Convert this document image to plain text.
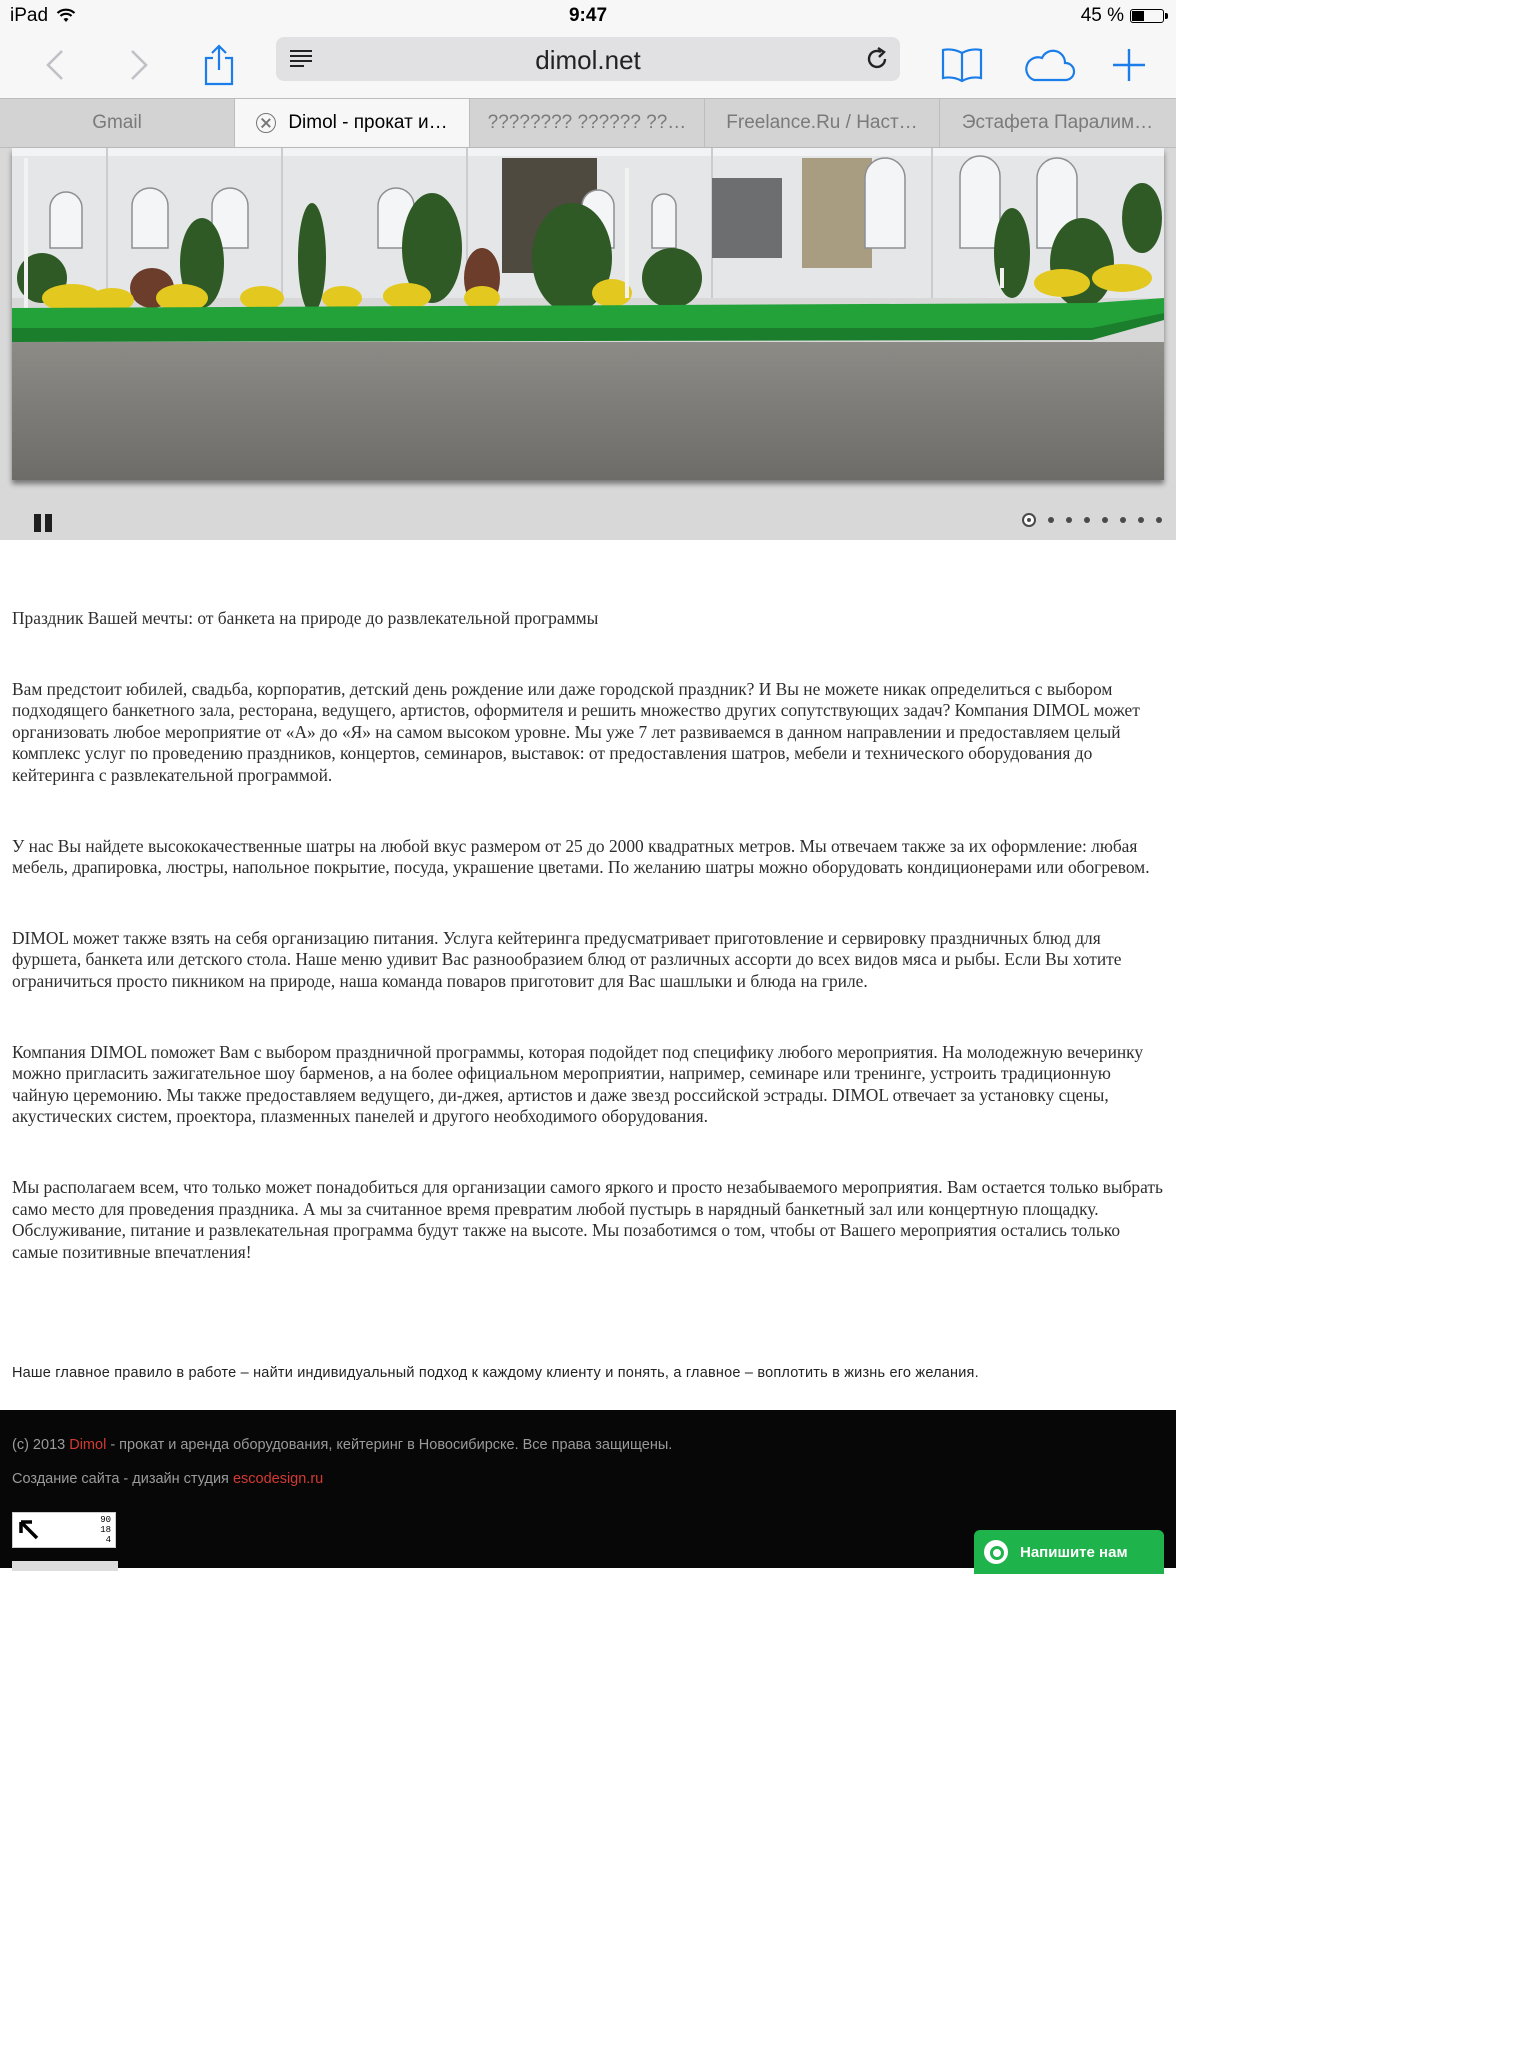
iPad	9:47	45 %
dimol.net
Gmail	Dimol - прокат и… ???????? ?????? ??… Freelance.Ru / Наст… Эстафета Паралим…

Праздник Вашей мечты: от банкета на природе до развлекательной программы

Вам предстоит юбилей, свадьба, корпоратив, детский день рождение или даже городской праздник? И Вы не можете никак определиться с выбором подходящего банкетного зала, ресторана, ведущего, артистов, оформителя и решить множество других сопутствующих задач? Компания DIMOL может организовать любое мероприятие от «А» до «Я» на самом высоком уровне. Мы уже 7 лет развиваемся в данном направлении и предоставляем целый комплекс услуг по проведению праздников, концертов, семинаров, выставок: от предоставления шатров, мебели и технического оборудования до кейтеринга с развлекательной программой.

У нас Вы найдете высококачественные шатры на любой вкус размером от 25 до 2000 квадратных метров. Мы отвечаем также за их оформление: любая мебель, драпировка, люстры, напольное покрытие, посуда, украшение цветами. По желанию шатры можно оборудовать кондиционерами или обогревом.

DIMOL может также взять на себя организацию питания. Услуга кейтеринга предусматривает приготовление и сервировку праздничных блюд для фуршета, банкета или детского стола. Наше меню удивит Вас разнообразием блюд от различных ассорти до всех видов мяса и рыбы. Если Вы хотите ограничиться просто пикником на природе, наша команда поваров приготовит для Вас шашлыки и блюда на гриле.

Компания DIMOL поможет Вам с выбором праздничной программы, которая подойдет под специфику любого мероприятия. На молодежную вечеринку можно пригласить зажигательное шоу барменов, а на более официальном мероприятии, например, семинаре или тренинге, устроить традиционную чайную церемонию. Мы также предоставляем ведущего, ди-джея, артистов и даже звезд российской эстрады. DIMOL отвечает за установку сцены, акустических систем, проектора, плазменных панелей и другого необходимого оборудования.

Мы располагаем всем, что только может понадобиться для организации самого яркого и просто незабываемого мероприятия. Вам остается только выбрать само место для проведения праздника. А мы за считанное время превратим любой пустырь в нарядный банкетный зал или концертную площадку. Обслуживание, питание и развлекательная программа будут также на высоте. Мы позаботимся о том, чтобы от Вашего мероприятия остались только самые позитивные впечатления!

Наше главное правило в работе – найти индивидуальный подход к каждому клиенту и понять, а главное – воплотить в жизнь его желания.
(с) 2013 Dimol - прокат и аренда оборудования, кейтеринг в Новосибирске. Все права защищены.
Создание сайта - дизайн студия escodesign.ru
90
18
4
Напишите нам
